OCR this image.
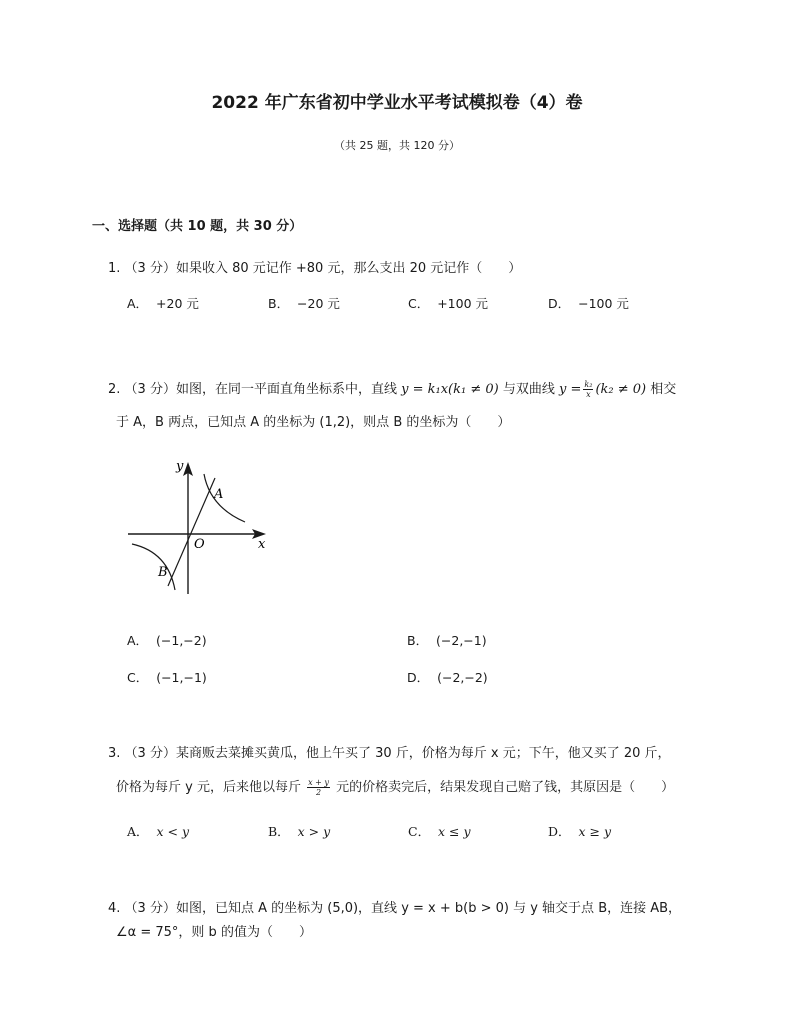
2022 年广东省初中学业水平考试模拟卷（4）卷
（共 25 题，共 120 分）
一、选择题（共 10 题，共 30 分）
1. （3 分）如果收入 80 元记作 +80 元，那么支出 20 元记作（　　）
A． +20 元	B． −20 元	C． +100 元	D． −100 元
2. （3 分）如图，在同一平面直角坐标系中，直线 y = k₁x(k₁ ≠ 0) 与双曲线 $y = \frac{\text{k₂}}{x} (k_2 \ne 0)$ 相交
于 A，B 两点，已知点 A 的坐标为 (1,2)，则点 B 的坐标为（　　）
y
x
O
A
B
A． (−1,−2)	B． (−2,−1)
C． (−1,−1)	D． (−2,−2)
3. （3 分）某商贩去菜摊买黄瓜，他上午买了 30 斤，价格为每斤 x 元；下午，他又买了 20 斤，
价格为每斤 y 元，后来他以每斤 $\frac{x + y}{2}$ 元的价格卖完后，结果发现自己赔了钱，其原因是（　　）
A． x < y	B． x > y	C． x ≤ y	D． x ≥ y
4. （3 分）如图，已知点 A 的坐标为 (5,0)，直线 y = x + b(b > 0) 与 y 轴交于点 B，连接 AB，
∠α = 75°，则 b 的值为（　　）
